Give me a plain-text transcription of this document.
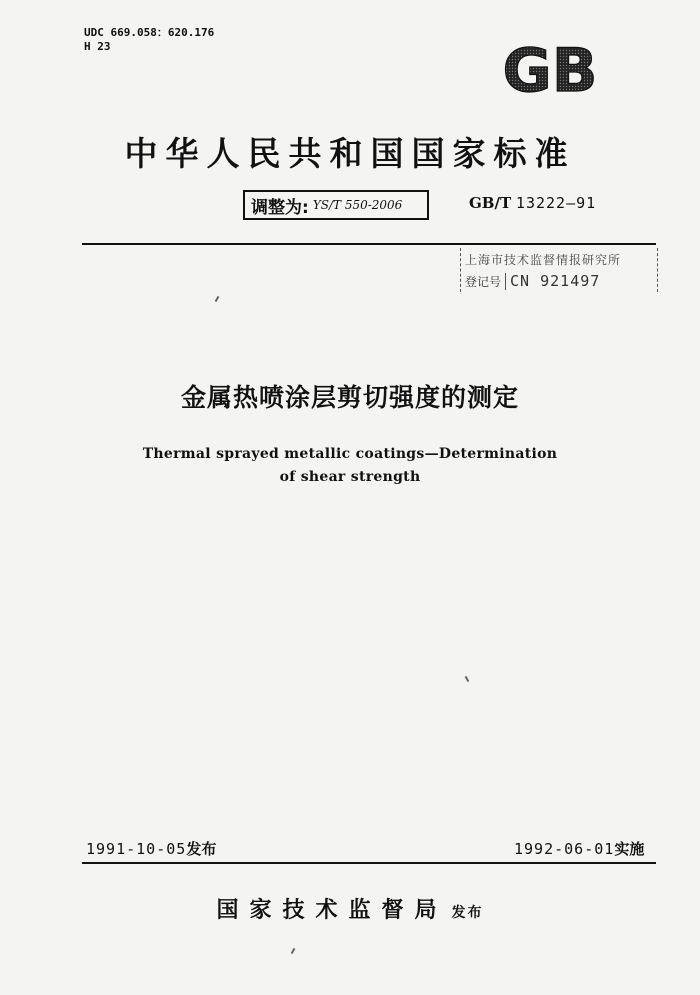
UDC 669.058：620.176
H 23	GB
中华人民共和国国家标准
调整为: YS/T 550-2006	GB/T 13222—91
上海市技术监督情报研究所
登记号 CN 921497
金属热喷涂层剪切强度的测定
Thermal sprayed metallic coatings—Determination
of shear strength
1991-10-05发布	1992-06-01实施
国家技术监督局 发布
